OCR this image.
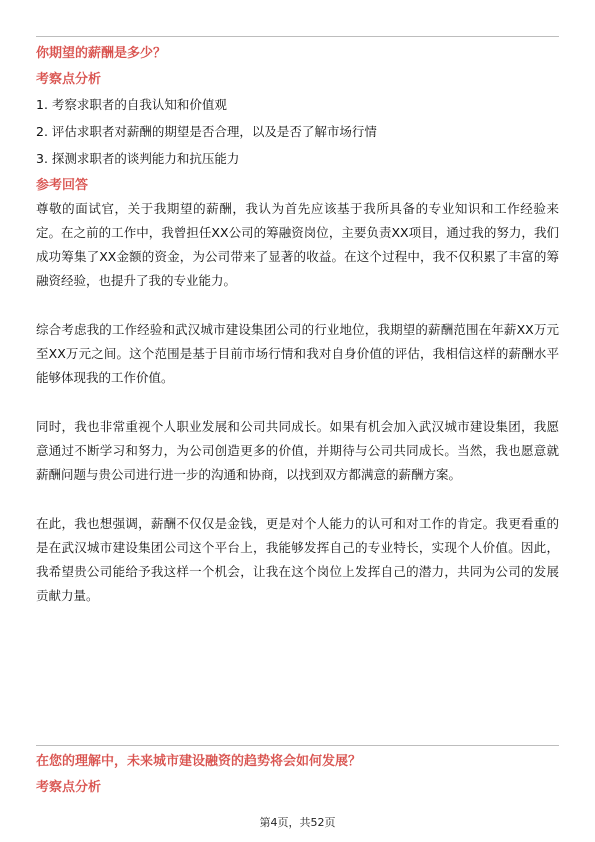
你期望的薪酬是多少？

考察点分析

1. 考察求职者的自我认知和价值观

2. 评估求职者对薪酬的期望是否合理，以及是否了解市场行情

3. 探测求职者的谈判能力和抗压能力

参考回答

尊敬的面试官，关于我期望的薪酬，我认为首先应该基于我所具备的专业知识和工作经验来定。在之前的工作中，我曾担任XX公司的筹融资岗位，主要负责XX项目，通过我的努力，我们成功筹集了XX金额的资金，为公司带来了显著的收益。在这个过程中，我不仅积累了丰富的筹融资经验，也提升了我的专业能力。

综合考虑我的工作经验和武汉城市建设集团公司的行业地位，我期望的薪酬范围在年薪XX万元至XX万元之间。这个范围是基于目前市场行情和我对自身价值的评估，我相信这样的薪酬水平能够体现我的工作价值。

同时，我也非常重视个人职业发展和公司共同成长。如果有机会加入武汉城市建设集团，我愿意通过不断学习和努力，为公司创造更多的价值，并期待与公司共同成长。当然，我也愿意就薪酬问题与贵公司进行进一步的沟通和协商，以找到双方都满意的薪酬方案。

在此，我也想强调，薪酬不仅仅是金钱，更是对个人能力的认可和对工作的肯定。我更看重的是在武汉城市建设集团公司这个平台上，我能够发挥自己的专业特长，实现个人价值。因此，我希望贵公司能给予我这样一个机会，让我在这个岗位上发挥自己的潜力，共同为公司的发展贡献力量。

在您的理解中，未来城市建设融资的趋势将会如何发展？

考察点分析

第4页，共52页
